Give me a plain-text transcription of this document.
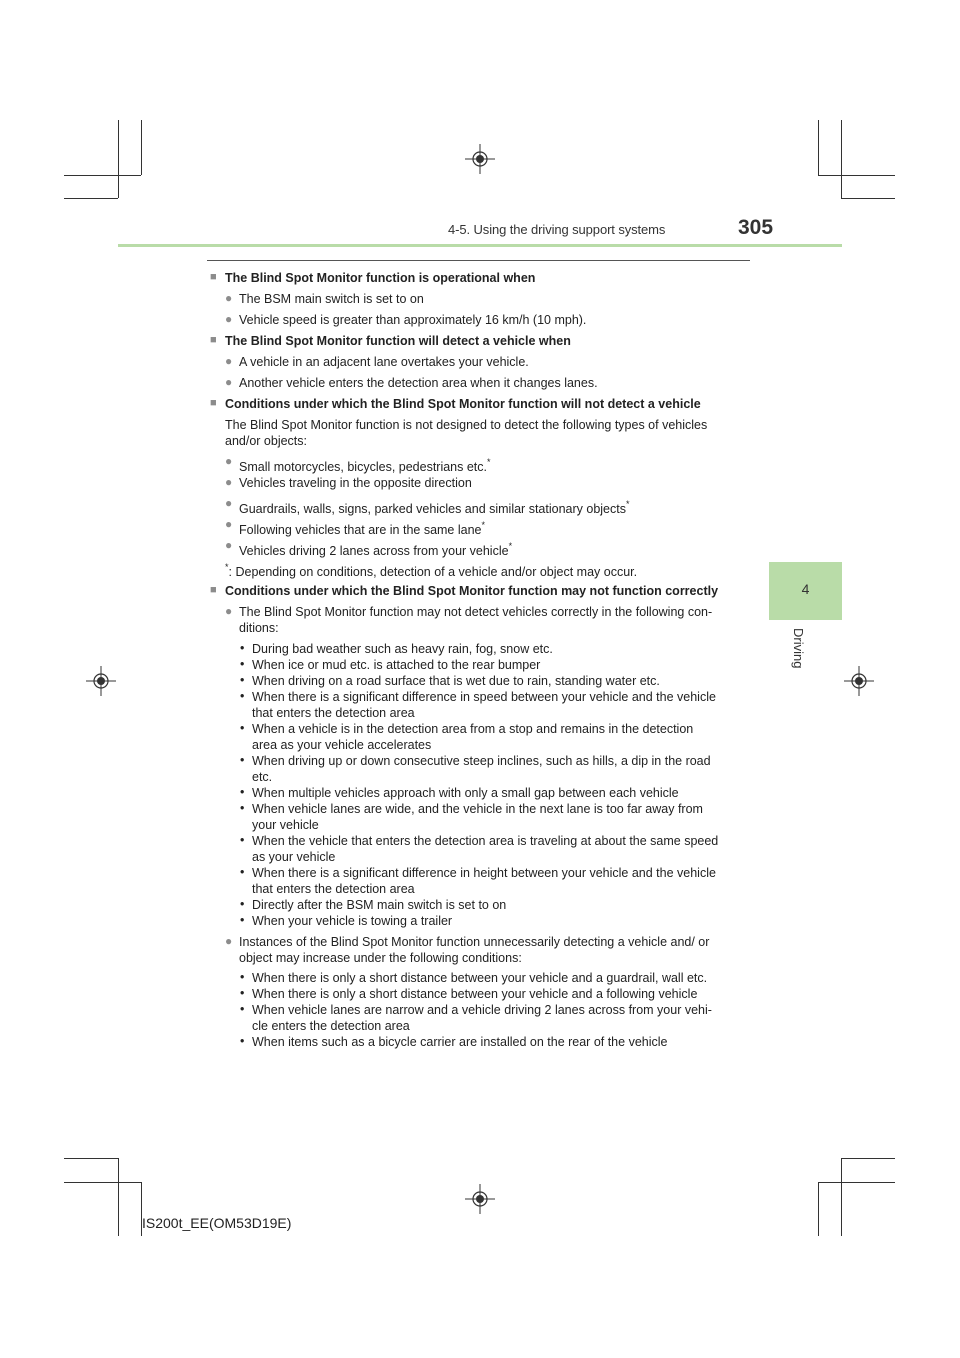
4-5. Using the driving support systems	305
4
Driving
■ The Blind Spot Monitor function is operational when
● The BSM main switch is set to on
● Vehicle speed is greater than approximately 16 km/h (10 mph).
■ The Blind Spot Monitor function will detect a vehicle when
● A vehicle in an adjacent lane overtakes your vehicle.
● Another vehicle enters the detection area when it changes lanes.
■ Conditions under which the Blind Spot Monitor function will not detect a vehicle
The Blind Spot Monitor function is not designed to detect the following types of vehicles
and/or objects:
● Small motorcycles, bicycles, pedestrians etc.*
● Vehicles traveling in the opposite direction
● Guardrails, walls, signs, parked vehicles and similar stationary objects*
● Following vehicles that are in the same lane*
● Vehicles driving 2 lanes across from your vehicle*
*: Depending on conditions, detection of a vehicle and/or object may occur.
■ Conditions under which the Blind Spot Monitor function may not function correctly
● The Blind Spot Monitor function may not detect vehicles correctly in the following con-
ditions:
• During bad weather such as heavy rain, fog, snow etc.
• When ice or mud etc. is attached to the rear bumper
• When driving on a road surface that is wet due to rain, standing water etc.
• When there is a significant difference in speed between your vehicle and the vehicle
that enters the detection area
• When a vehicle is in the detection area from a stop and remains in the detection
area as your vehicle accelerates
• When driving up or down consecutive steep inclines, such as hills, a dip in the road
etc.
• When multiple vehicles approach with only a small gap between each vehicle
• When vehicle lanes are wide, and the vehicle in the next lane is too far away from
your vehicle
• When the vehicle that enters the detection area is traveling at about the same speed
as your vehicle
• When there is a significant difference in height between your vehicle and the vehicle
that enters the detection area
• Directly after the BSM main switch is set to on
• When your vehicle is towing a trailer
● Instances of the Blind Spot Monitor function unnecessarily detecting a vehicle and/ or
object may increase under the following conditions:
• When there is only a short distance between your vehicle and a guardrail, wall etc.
• When there is only a short distance between your vehicle and a following vehicle
• When vehicle lanes are narrow and a vehicle driving 2 lanes across from your vehi-
cle enters the detection area
• When items such as a bicycle carrier are installed on the rear of the vehicle
IS200t_EE(OM53D19E)
